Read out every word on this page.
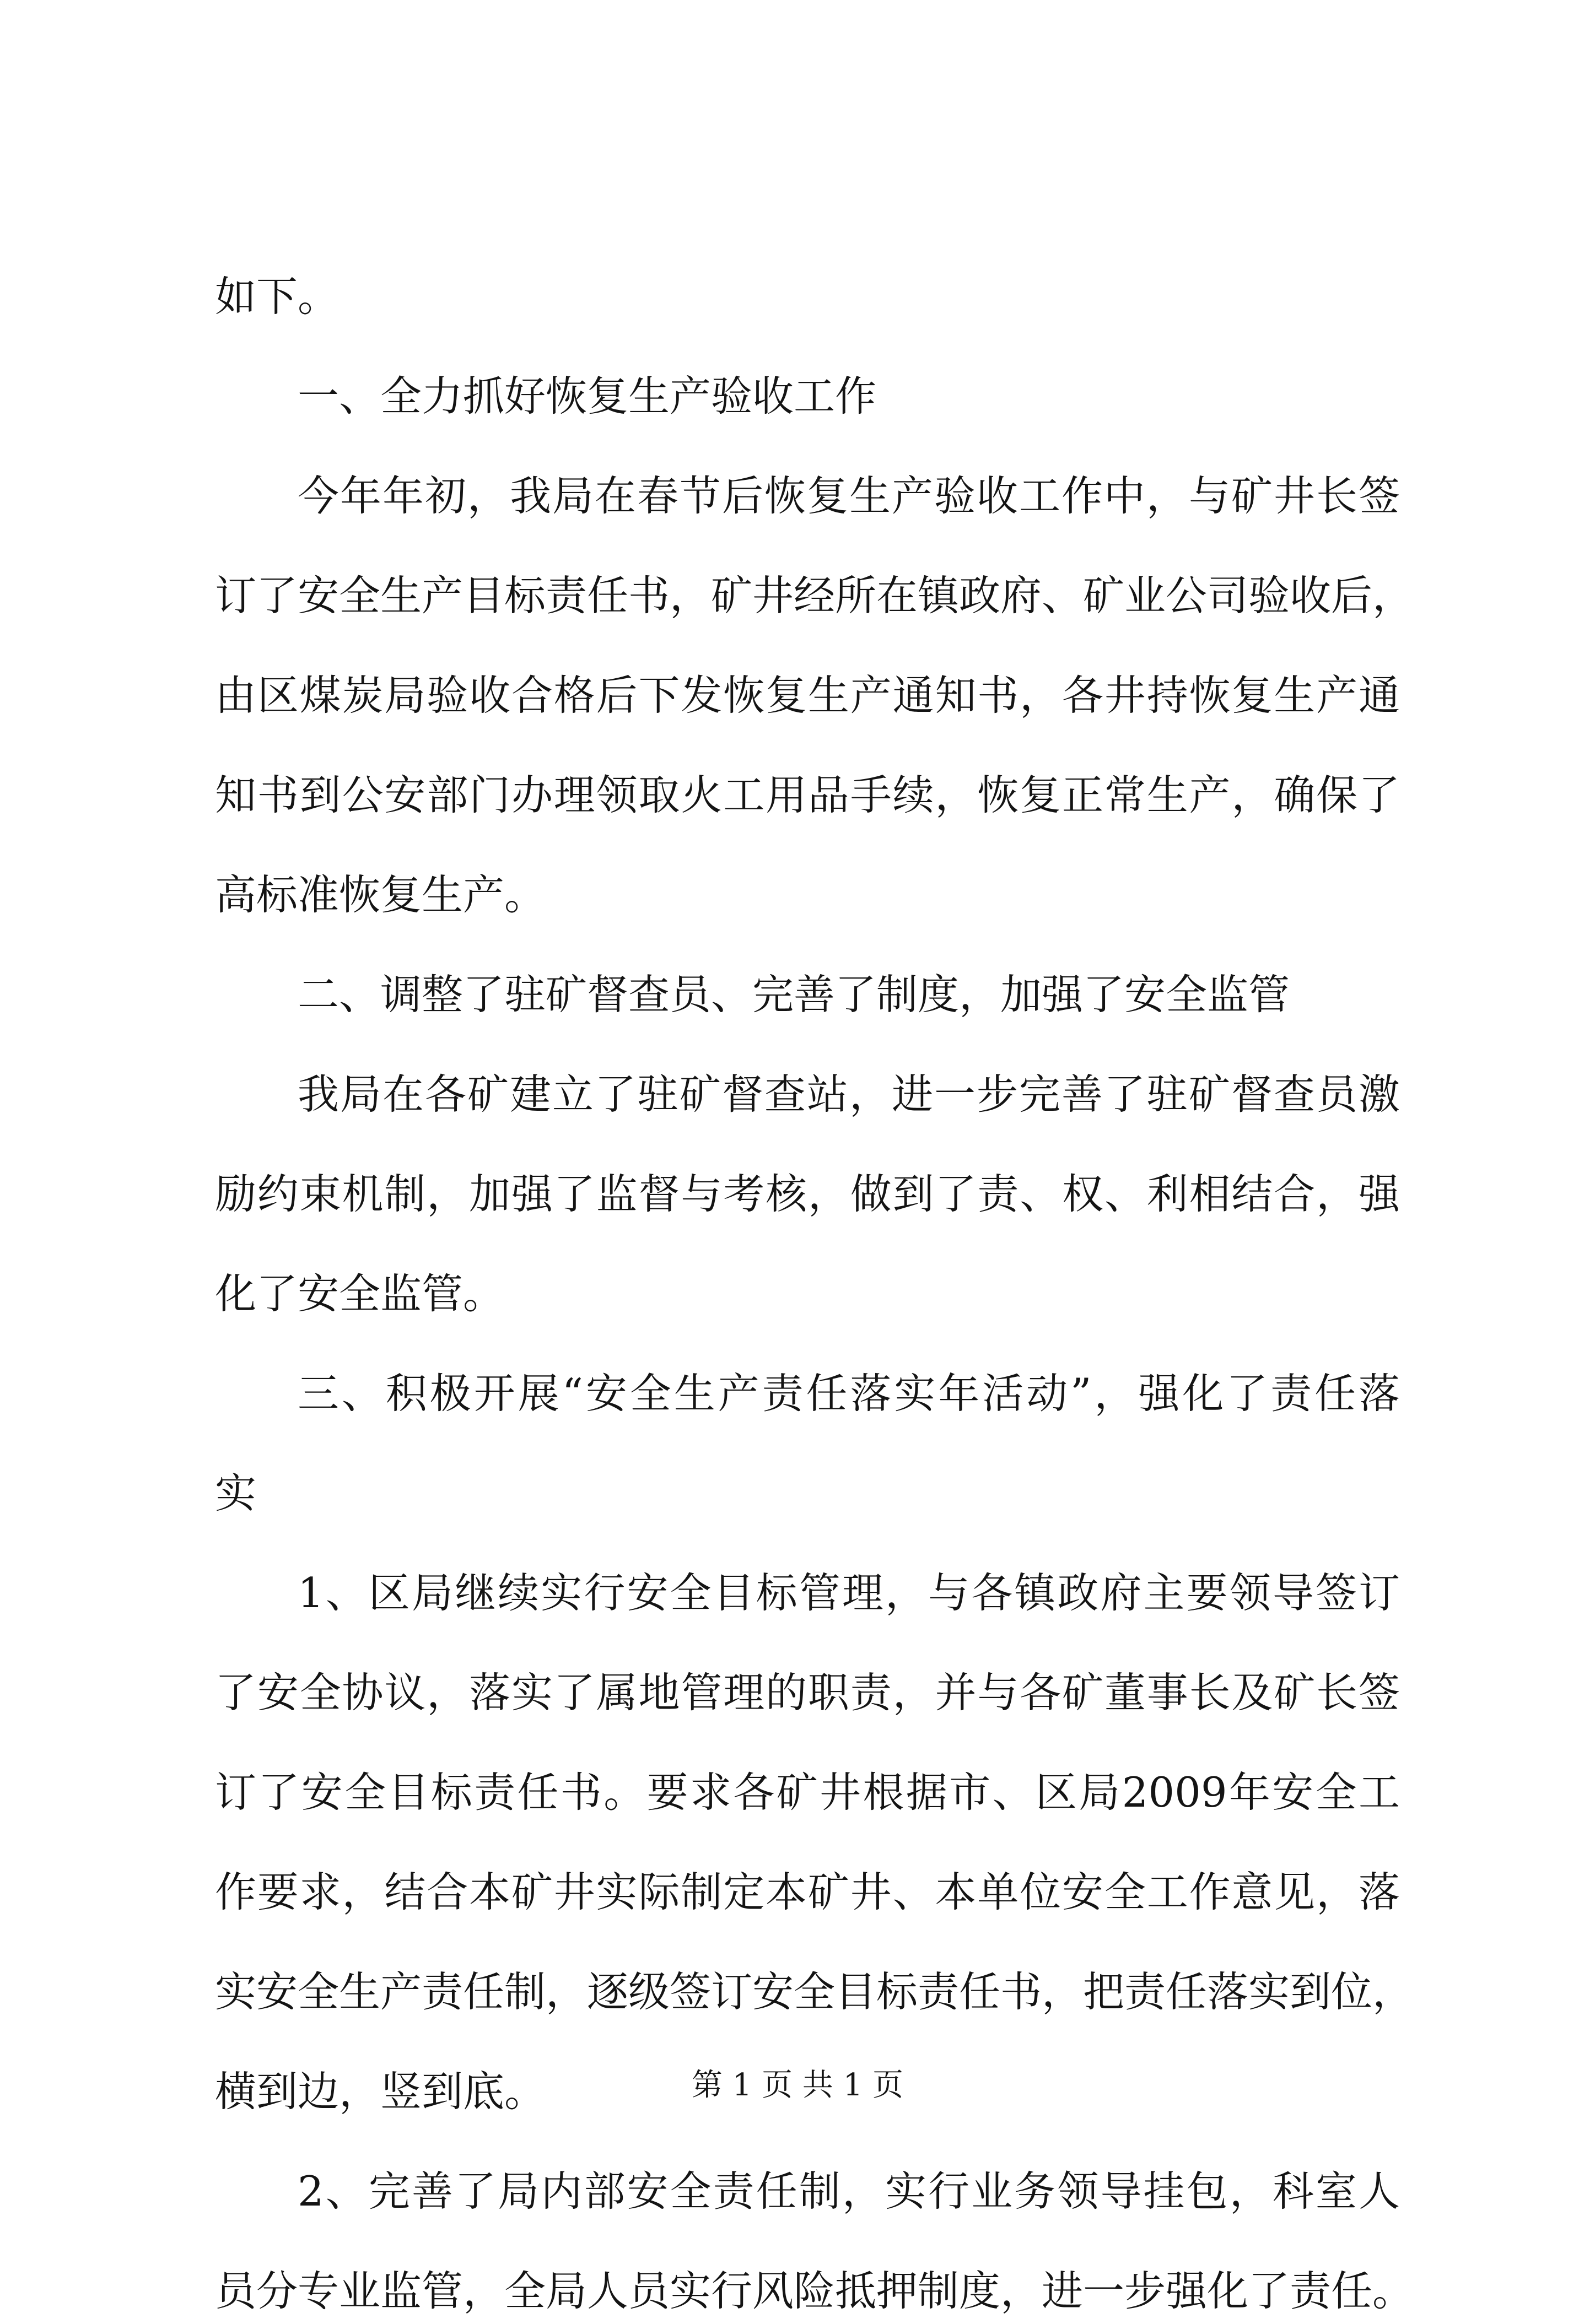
如下。
一、全力抓好恢复生产验收工作
今年年初，我局在春节后恢复生产验收工作中，与矿井长签
订了安全生产目标责任书，矿井经所在镇政府、矿业公司验收后，
由区煤炭局验收合格后下发恢复生产通知书，各井持恢复生产通
知书到公安部门办理领取火工用品手续，恢复正常生产，确保了
高标准恢复生产。
二、调整了驻矿督查员、完善了制度，加强了安全监管
我局在各矿建立了驻矿督查站，进一步完善了驻矿督查员激
励约束机制，加强了监督与考核，做到了责、权、利相结合，强
化了安全监管。
三、积极开展“安全生产责任落实年活动”，强化了责任落
实
1、区局继续实行安全目标管理，与各镇政府主要领导签订
了安全协议，落实了属地管理的职责，并与各矿董事长及矿长签
订了安全目标责任书。要求各矿井根据市、区局2009年安全工
作要求，结合本矿井实际制定本矿井、本单位安全工作意见，落
实安全生产责任制，逐级签订安全目标责任书，把责任落实到位，
横到边，竖到底。
2、完善了局内部安全责任制，实行业务领导挂包，科室人
员分专业监管，全局人员实行风险抵押制度，进一步强化了责任。
第 1 页 共 1 页
